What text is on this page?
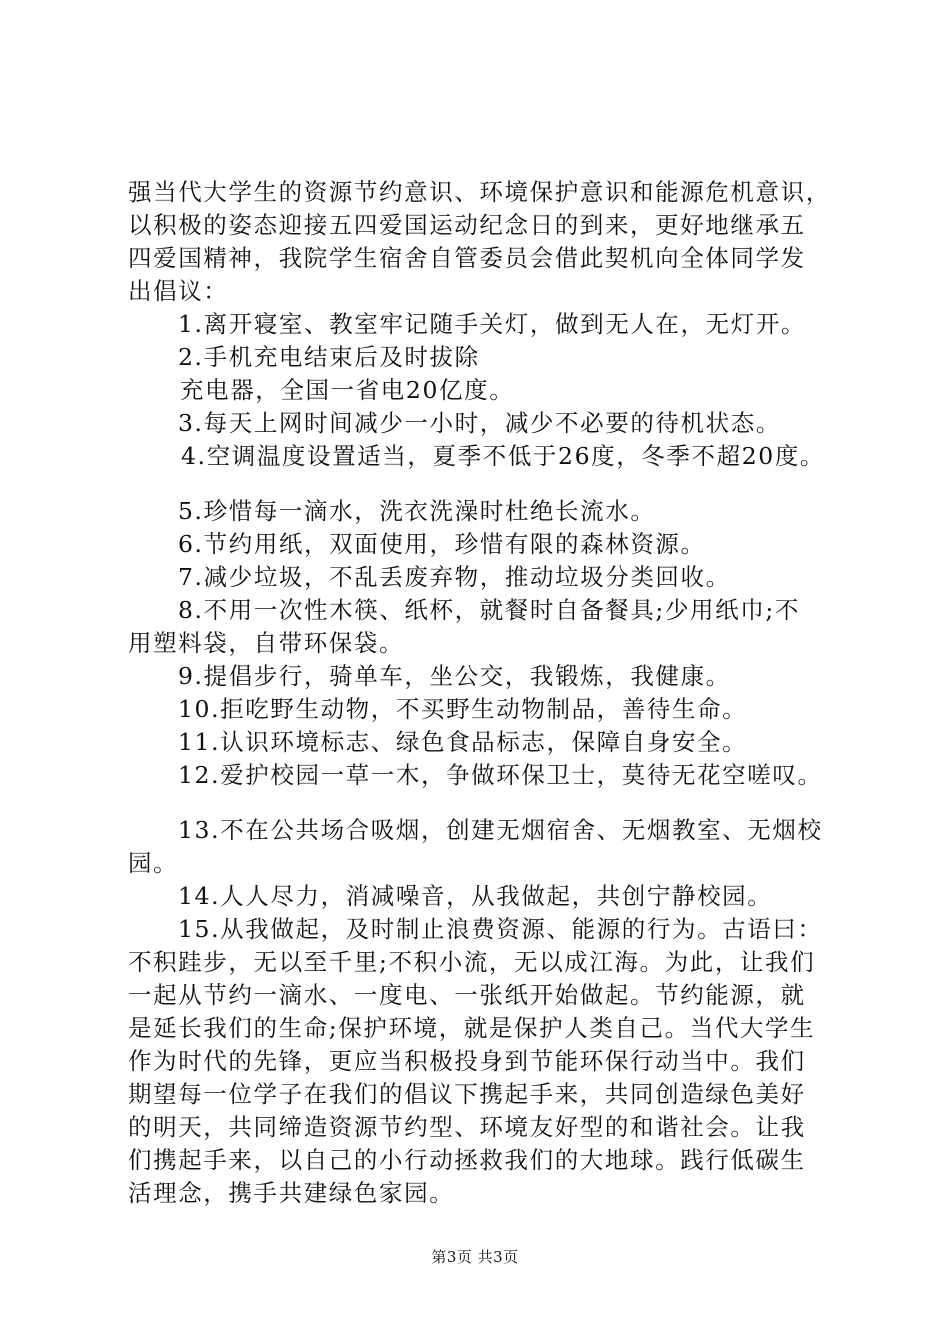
强当代大学生的资源节约意识、环境保护意识和能源危机意识，
以积极的姿态迎接五四爱国运动纪念日的到来，更好地继承五
四爱国精神，我院学生宿舍自管委员会借此契机向全体同学发
出倡议：
1.离开寝室、教室牢记随手关灯，做到无人在，无灯开。
2.手机充电结束后及时拔除
充电器，全国一省电20亿度。
3.每天上网时间减少一小时，减少不必要的待机状态。
4.空调温度设置适当，夏季不低于26度，冬季不超20度。
5.珍惜每一滴水，洗衣洗澡时杜绝长流水。
6.节约用纸，双面使用，珍惜有限的森林资源。
7.减少垃圾，不乱丢废弃物，推动垃圾分类回收。
8.不用一次性木筷、纸杯，就餐时自备餐具;少用纸巾;不
用塑料袋，自带环保袋。
9.提倡步行，骑单车，坐公交，我锻炼，我健康。
10.拒吃野生动物，不买野生动物制品，善待生命。
11.认识环境标志、绿色食品标志，保障自身安全。
12.爱护校园一草一木，争做环保卫士，莫待无花空嗟叹。
13.不在公共场合吸烟，创建无烟宿舍、无烟教室、无烟校
园。
14.人人尽力，消减噪音，从我做起，共创宁静校园。
15.从我做起，及时制止浪费资源、能源的行为。古语曰：
不积跬步，无以至千里;不积小流，无以成江海。为此，让我们
一起从节约一滴水、一度电、一张纸开始做起。节约能源，就
是延长我们的生命;保护环境，就是保护人类自己。当代大学生
作为时代的先锋，更应当积极投身到节能环保行动当中。我们
期望每一位学子在我们的倡议下携起手来，共同创造绿色美好
的明天，共同缔造资源节约型、环境友好型的和谐社会。让我
们携起手来，以自己的小行动拯救我们的大地球。践行低碳生
活理念，携手共建绿色家园。
第3页 共3页
